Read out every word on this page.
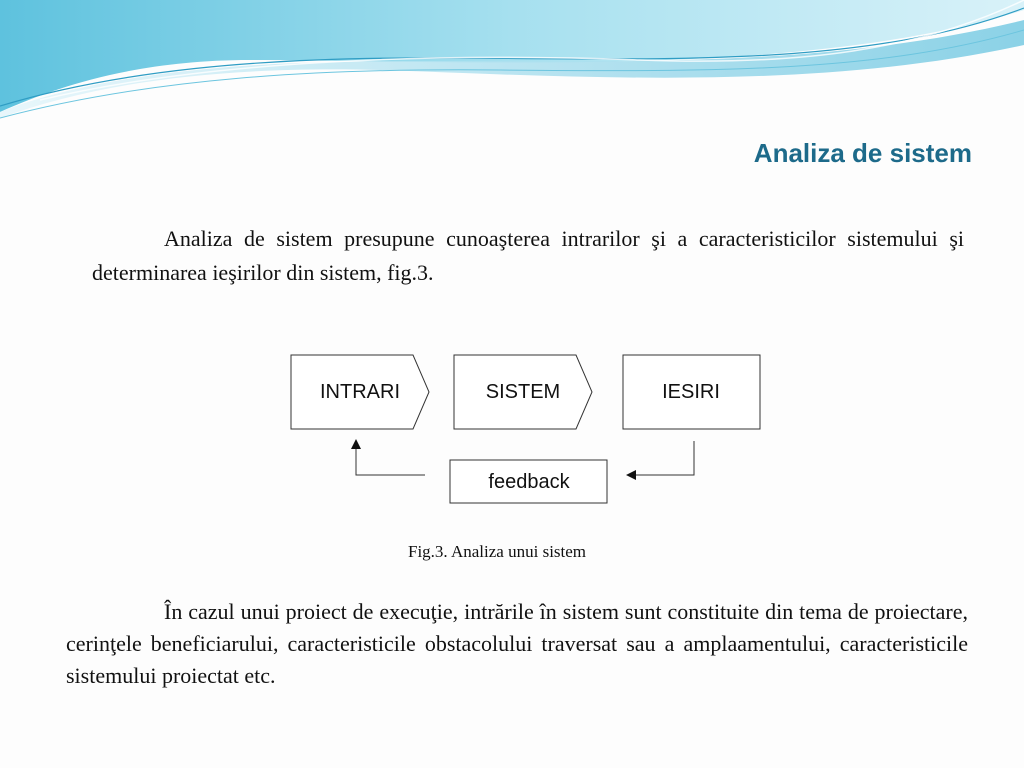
Analiza de sistem

Analiza de sistem presupune cunoaşterea intrarilor şi a caracteristicilor sistemului şi determinarea ieşirilor din sistem, fig.3.

INTRARI	SISTEM	IESIRI
feedback
Fig.3. Analiza unui sistem

În cazul unui proiect de execuţie, intrările în sistem sunt constituite din tema de proiectare, cerinţele beneficiarului, caracteristicile obstacolului traversat sau a amplaamentului, caracteristicile sistemului proiectat etc.
